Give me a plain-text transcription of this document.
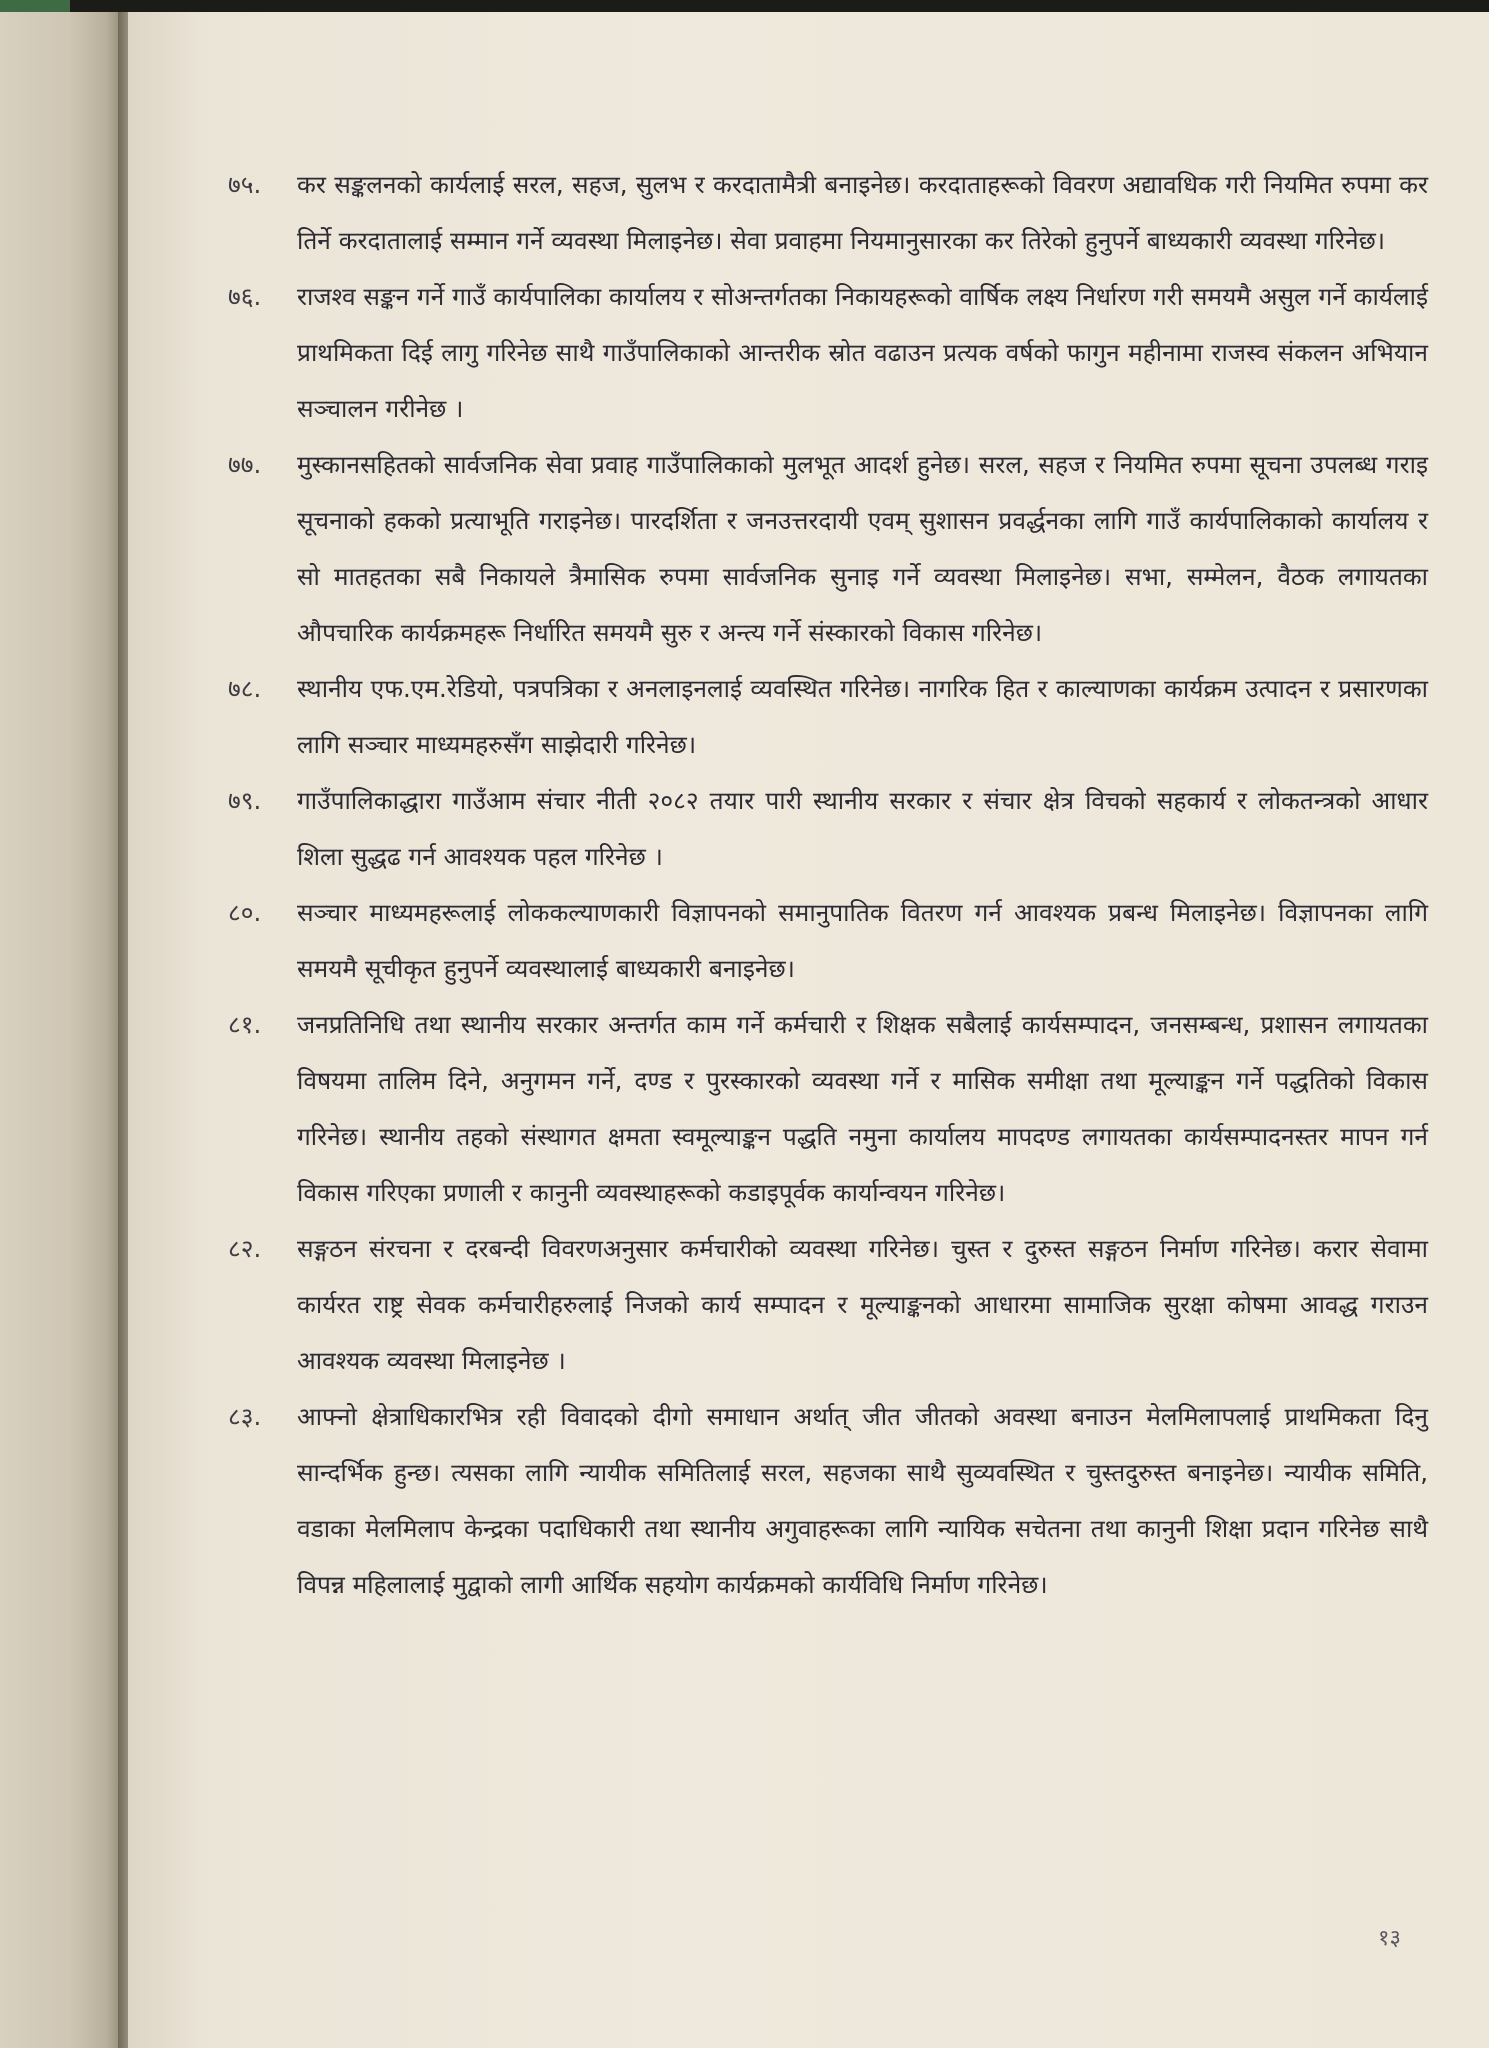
७५.	कर सङ्कलनको कार्यलाई सरल, सहज, सुलभ र करदातामैत्री बनाइनेछ। करदाताहरूको विवरण अद्यावधिक गरी नियमित रुपमा कर तिर्ने करदातालाई सम्मान गर्ने व्यवस्था मिलाइनेछ। सेवा प्रवाहमा नियमानुसारका कर तिरेको हुनुपर्ने बाध्यकारी व्यवस्था गरिनेछ।
७६.	राजश्व सङ्कन गर्ने गाउँ कार्यपालिका कार्यालय र सोअन्तर्गतका निकायहरूको वार्षिक लक्ष्य निर्धारण गरी समयमै असुल गर्ने कार्यलाई प्राथमिकता दिई लागु गरिनेछ साथै गाउँपालिकाको आन्तरीक स्रोत वढाउन प्रत्यक वर्षको फागुन महीनामा राजस्व संकलन अभियान सञ्चालन गरीनेछ ।
७७.	मुस्कानसहितको सार्वजनिक सेवा प्रवाह गाउँपालिकाको मुलभूत आदर्श हुनेछ। सरल, सहज र नियमित रुपमा सूचना उपलब्ध गराइ सूचनाको हकको प्रत्याभूति गराइनेछ। पारदर्शिता र जनउत्तरदायी एवम् सुशासन प्रवर्द्धनका लागि गाउँ कार्यपालिकाको कार्यालय र सो मातहतका सबै निकायले त्रैमासिक रुपमा सार्वजनिक सुनाइ गर्ने व्यवस्था मिलाइनेछ। सभा, सम्मेलन, वैठक लगायतका औपचारिक कार्यक्रमहरू निर्धारित समयमै सुरु र अन्त्य गर्ने संस्कारको विकास गरिनेछ।
७८.	स्थानीय एफ.एम.रेडियो, पत्रपत्रिका र अनलाइनलाई व्यवस्थित गरिनेछ। नागरिक हित र काल्याणका कार्यक्रम उत्पादन र प्रसारणका लागि सञ्चार माध्यमहरुसँग साझेदारी गरिनेछ।
७९.	गाउँपालिकाद्धारा गाउँआम संचार नीती २०८२ तयार पारी स्थानीय सरकार र संचार क्षेत्र विचको सहकार्य र लोकतन्त्रको आधार शिला सुद्धढ गर्न आवश्यक पहल गरिनेछ ।
८०.	सञ्चार माध्यमहरूलाई लोककल्याणकारी विज्ञापनको समानुपातिक वितरण गर्न आवश्यक प्रबन्ध मिलाइनेछ। विज्ञापनका लागि समयमै सूचीकृत हुनुपर्ने व्यवस्थालाई बाध्यकारी बनाइनेछ।
८१.	जनप्रतिनिधि तथा स्थानीय सरकार अन्तर्गत काम गर्ने कर्मचारी र शिक्षक सबैलाई कार्यसम्पादन, जनसम्बन्ध, प्रशासन लगायतका विषयमा तालिम दिने, अनुगमन गर्ने, दण्ड र पुरस्कारको व्यवस्था गर्ने र मासिक समीक्षा तथा मूल्याङ्कन गर्ने पद्धतिको विकास गरिनेछ। स्थानीय तहको संस्थागत क्षमता स्वमूल्याङ्कन पद्धति नमुना कार्यालय मापदण्ड लगायतका कार्यसम्पादनस्तर मापन गर्न विकास गरिएका प्रणाली र कानुनी व्यवस्थाहरूको कडाइपूर्वक कार्यान्वयन गरिनेछ।
८२.	सङ्गठन संरचना र दरबन्दी विवरणअनुसार कर्मचारीको व्यवस्था गरिनेछ। चुस्त र दुरुस्त सङ्गठन निर्माण गरिनेछ। करार सेवामा कार्यरत राष्ट्र सेवक कर्मचारीहरुलाई निजको कार्य सम्पादन र मूल्याङ्कनको आधारमा सामाजिक सुरक्षा कोषमा आवद्ध गराउन आवश्यक व्यवस्था मिलाइनेछ ।
८३.	आफ्नो क्षेत्राधिकारभित्र रही विवादको दीगो समाधान अर्थात् जीत जीतको अवस्था बनाउन मेलमिलापलाई प्राथमिकता दिनु सान्दर्भिक हुन्छ। त्यसका लागि न्यायीक समितिलाई सरल, सहजका साथै सुव्यवस्थित र चुस्तदुरुस्त बनाइनेछ। न्यायीक समिति, वडाका मेलमिलाप केन्द्रका पदाधिकारी तथा स्थानीय अगुवाहरूका लागि न्यायिक सचेतना तथा कानुनी शिक्षा प्रदान गरिनेछ साथै विपन्न महिलालाई मुद्वाको लागी आर्थिक सहयोग कार्यक्रमको कार्यविधि निर्माण गरिनेछ।
१३
